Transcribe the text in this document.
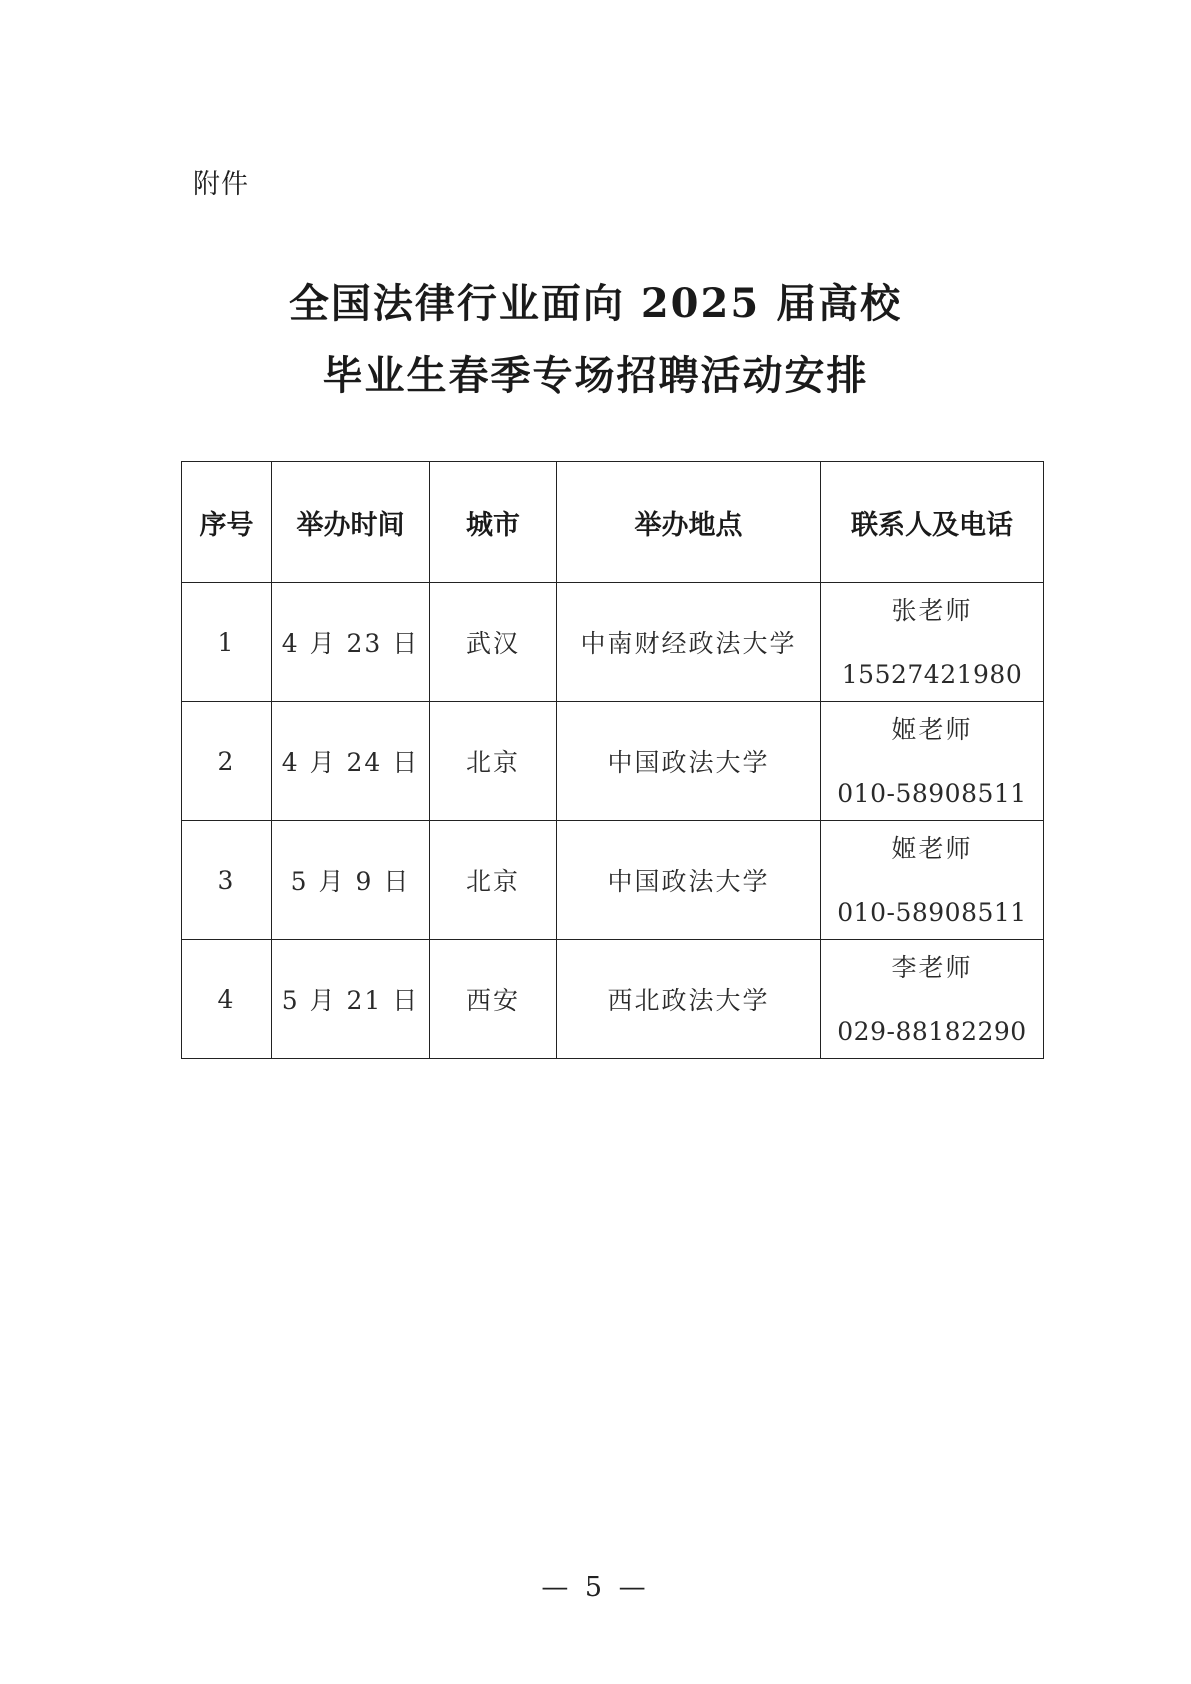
附件
全国法律行业面向 2025 届高校
毕业生春季专场招聘活动安排
序号	举办时间	城市	举办地点	联系人及电话
1	4 月 23 日	武汉	中南财经政法大学	张老师
15527421980

2	4 月 24 日	北京	中国政法大学	姬老师
010-58908511

3	5 月 9 日	北京	中国政法大学	姬老师
010-58908511

4	5 月 21 日	西安	西北政法大学	李老师
029-88182290
— 5 —
